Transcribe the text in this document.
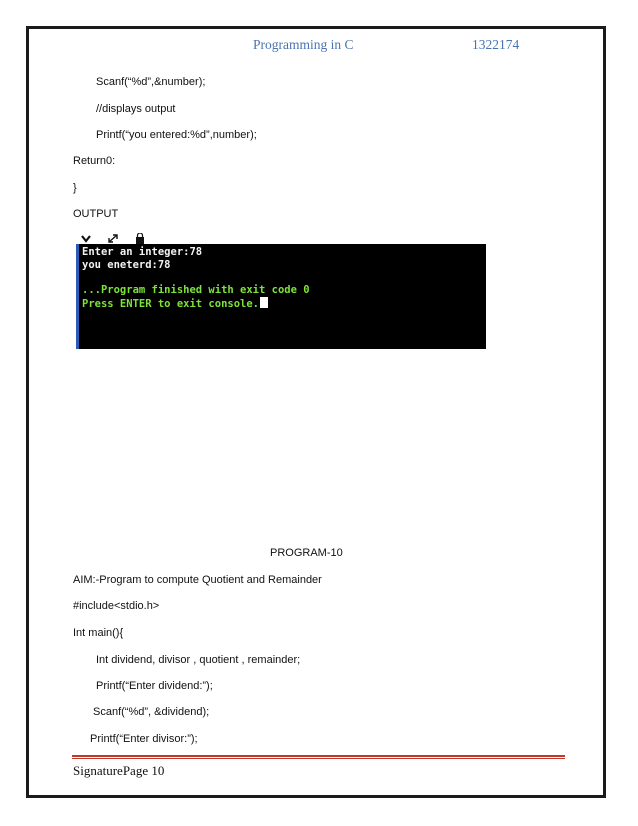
Programming in C	1322174
Scanf(“%d”,&number);
//displays output
Printf(“you entered:%d”,number);
Return0:
}
OUTPUT
Enter an integer:78
you eneterd:78
...Program finished with exit code 0
Press ENTER to exit console.
PROGRAM-10
AIM:-Program to compute Quotient and Remainder
#include<stdio.h>
Int main(){
Int dividend, divisor , quotient , remainder;
Printf(“Enter dividend:”);
Scanf(“%d”, &dividend);
Printf(“Enter divisor:”);
SignaturePage 10
